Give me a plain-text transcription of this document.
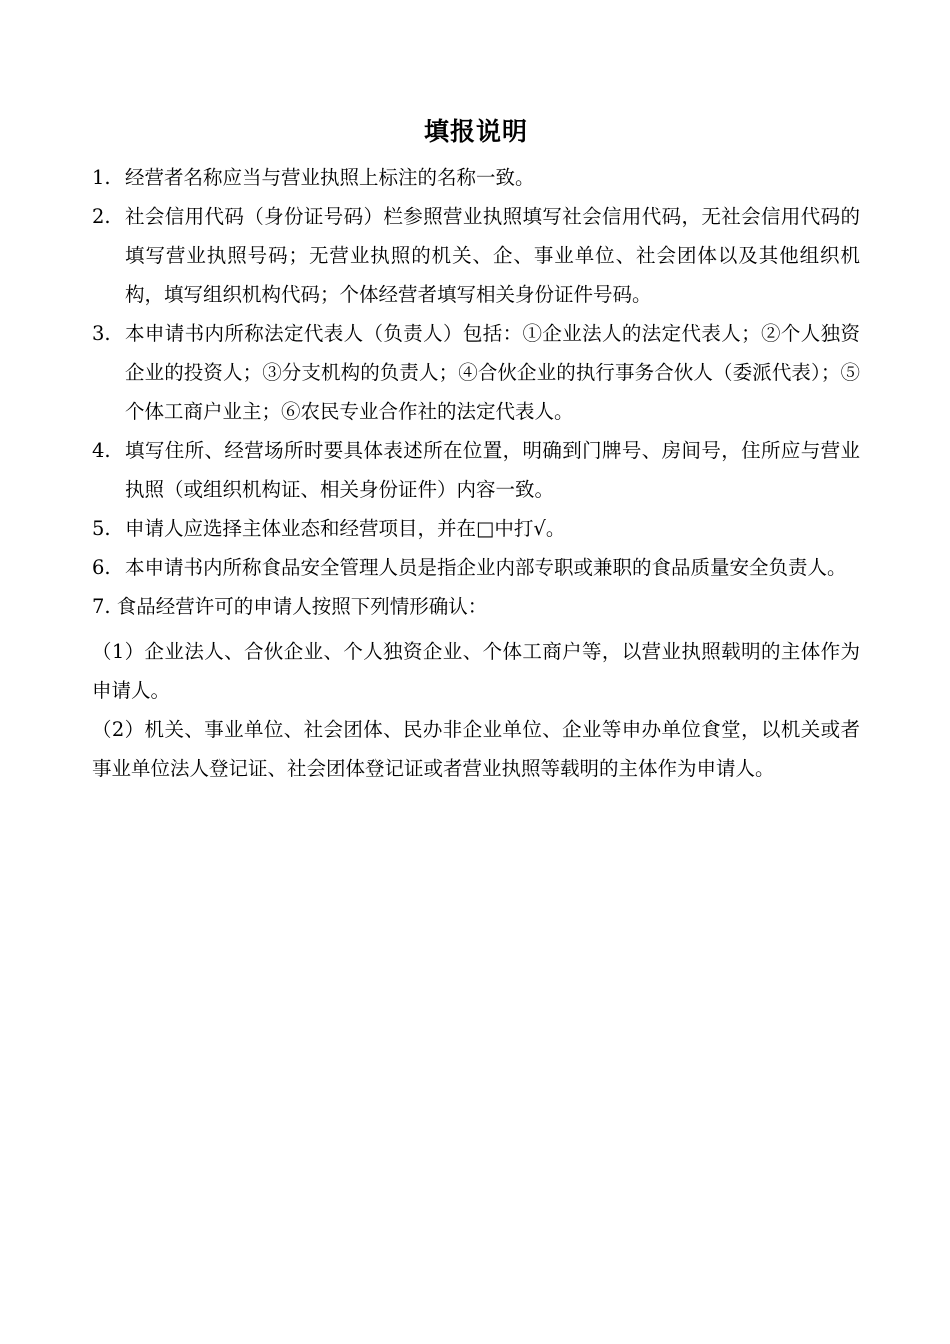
填报说明

1. 经营者名称应当与营业执照上标注的名称一致。

2. 社会信用代码（身份证号码）栏参照营业执照填写社会信用代码，无社会信用代码的填写营业执照号码；无营业执照的机关、企、事业单位、社会团体以及其他组织机构，填写组织机构代码；个体经营者填写相关身份证件号码。

3. 本申请书内所称法定代表人（负责人）包括：①企业法人的法定代表人；②个人独资企业的投资人；③分支机构的负责人；④合伙企业的执行事务合伙人（委派代表）；⑤个体工商户业主；⑥农民专业合作社的法定代表人。

4. 填写住所、经营场所时要具体表述所在位置，明确到门牌号、房间号，住所应与营业执照（或组织机构证、相关身份证件）内容一致。

5. 申请人应选择主体业态和经营项目，并在□中打√。

6. 本申请书内所称食品安全管理人员是指企业内部专职或兼职的食品质量安全负责人。

7. 食品经营许可的申请人按照下列情形确认：

（1）企业法人、合伙企业、个人独资企业、个体工商户等，以营业执照载明的主体作为申请人。

（2）机关、事业单位、社会团体、民办非企业单位、企业等申办单位食堂，以机关或者事业单位法人登记证、社会团体登记证或者营业执照等载明的主体作为申请人。
